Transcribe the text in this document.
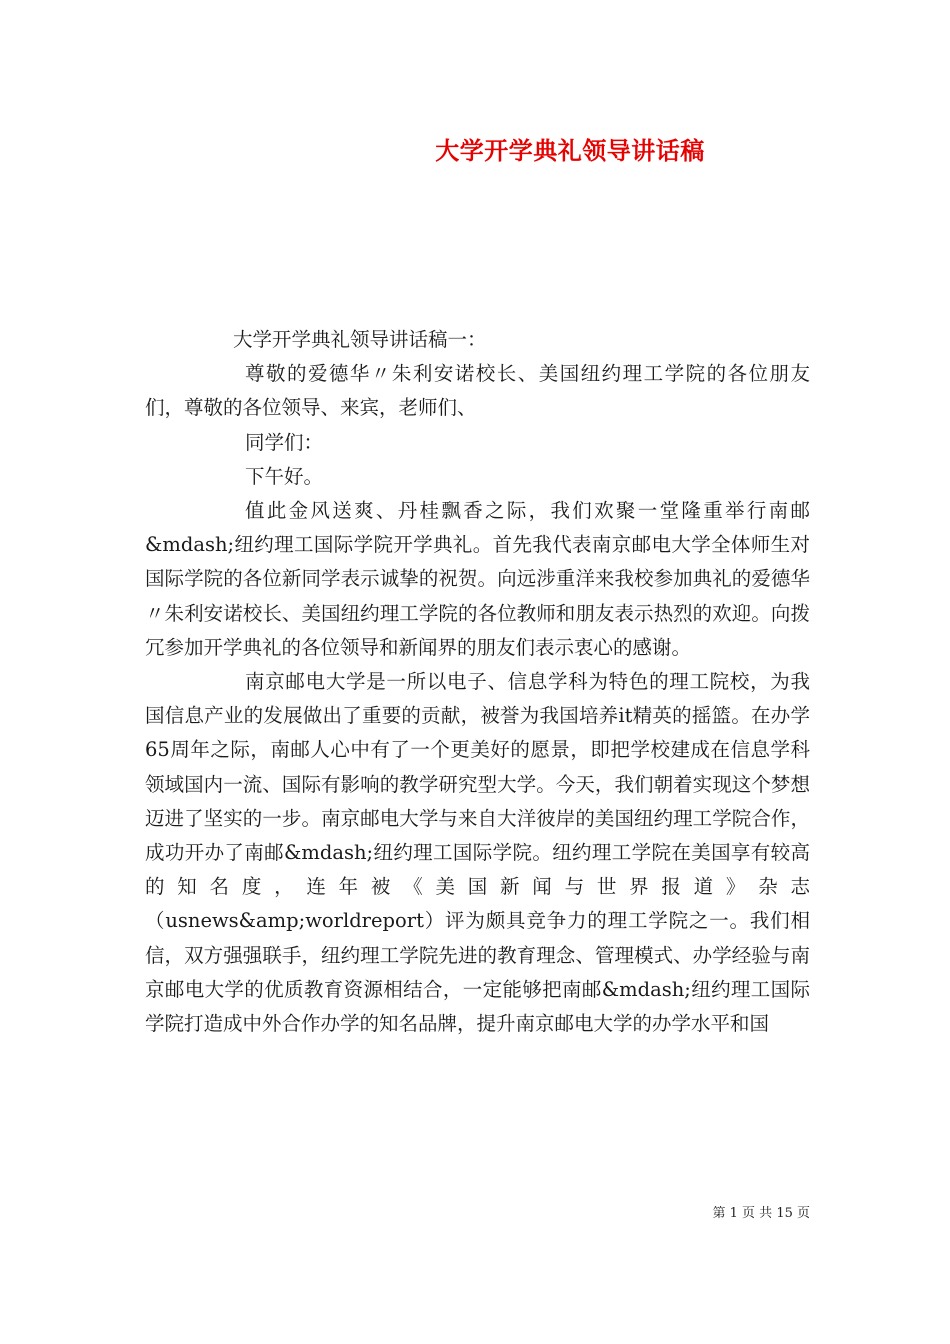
大学开学典礼领导讲话稿

大学开学典礼领导讲话稿一：

尊敬的爱德华〃朱利安诺校长、美国纽约理工学院的各位朋友们，尊敬的各位领导、来宾，老师们、

同学们：

下午好。

值此金风送爽、丹桂飘香之际，我们欢聚一堂隆重举行南邮&mdash;纽约理工国际学院开学典礼。首先我代表南京邮电大学全体师生对国际学院的各位新同学表示诚挚的祝贺。向远涉重洋来我校参加典礼的爱德华〃朱利安诺校长、美国纽约理工学院的各位教师和朋友表示热烈的欢迎。向拨冗参加开学典礼的各位领导和新闻界的朋友们表示衷心的感谢。

南京邮电大学是一所以电子、信息学科为特色的理工院校，为我国信息产业的发展做出了重要的贡献，被誉为我国培养it精英的摇篮。在办学65周年之际，南邮人心中有了一个更美好的愿景，即把学校建成在信息学科领域国内一流、国际有影响的教学研究型大学。今天，我们朝着实现这个梦想迈进了坚实的一步。南京邮电大学与来自大洋彼岸的美国纽约理工学院合作，成功开办了南邮&mdash;纽约理工国际学院。纽约理工学院在美国享有较高的知名度，连年被《美国新闻与世界报道》杂志（usnews&amp;worldreport）评为颇具竞争力的理工学院之一。我们相信，双方强强联手，纽约理工学院先进的教育理念、管理模式、办学经验与南京邮电大学的优质教育资源相结合，一定能够把南邮&mdash;纽约理工国际学院打造成中外合作办学的知名品牌，提升南京邮电大学的办学水平和国

第 1 页 共 15 页
